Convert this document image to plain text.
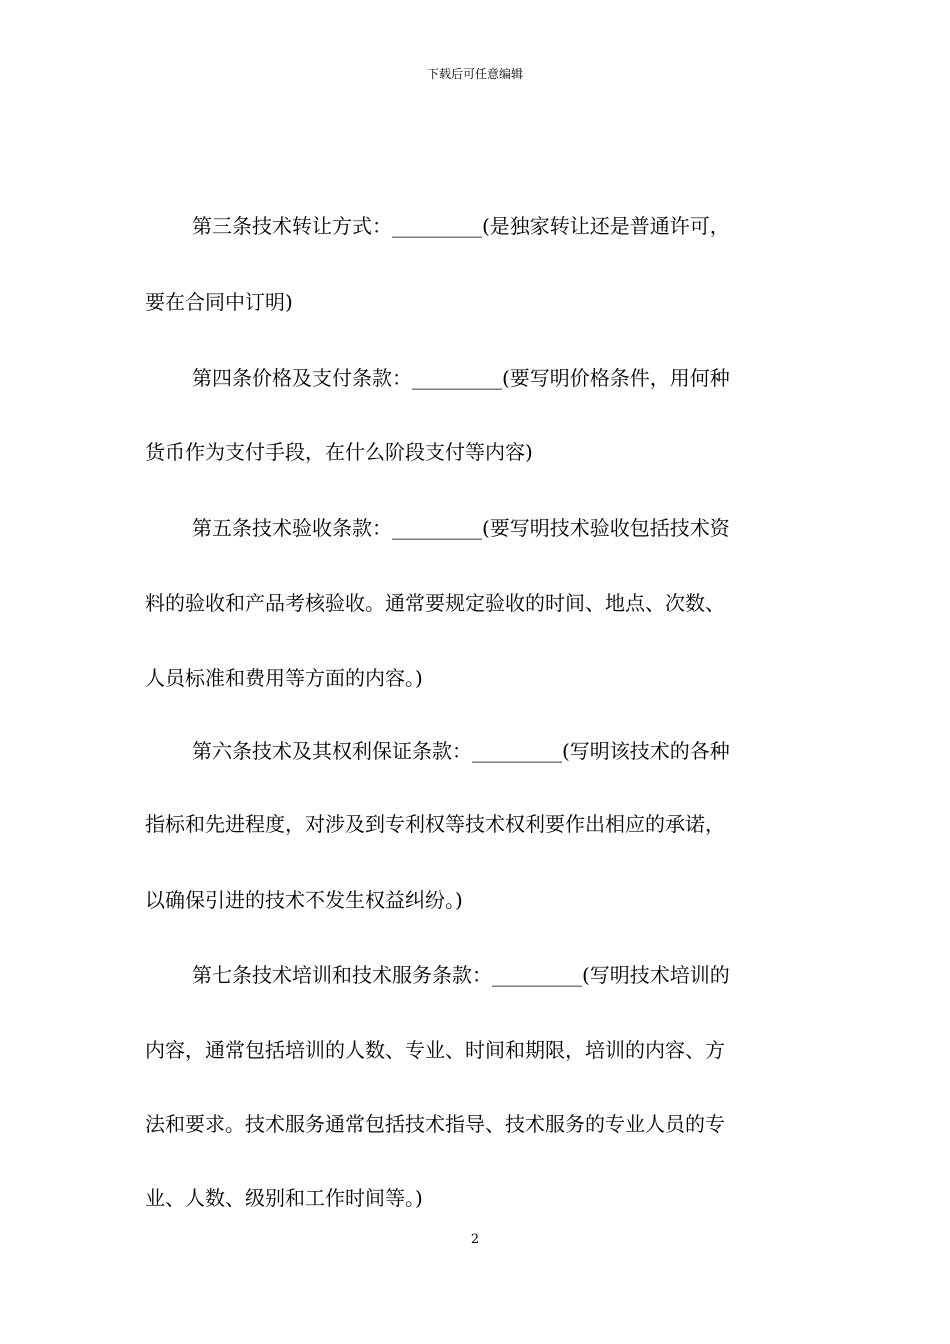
下载后可任意编辑
第三条技术转让方式：_________(是独家转让还是普通许可，
要在合同中订明)
第四条价格及支付条款：_________(要写明价格条件，用何种
货币作为支付手段，在什么阶段支付等内容)
第五条技术验收条款：_________(要写明技术验收包括技术资
料的验收和产品考核验收。通常要规定验收的时间、地点、次数、
人员标准和费用等方面的内容。)
第六条技术及其权利保证条款：_________(写明该技术的各种
指标和先进程度，对涉及到专利权等技术权利要作出相应的承诺，
以确保引进的技术不发生权益纠纷。)
第七条技术培训和技术服务条款：_________(写明技术培训的
内容，通常包括培训的人数、专业、时间和期限，培训的内容、方
法和要求。技术服务通常包括技术指导、技术服务的专业人员的专
业、人数、级别和工作时间等。)
2
